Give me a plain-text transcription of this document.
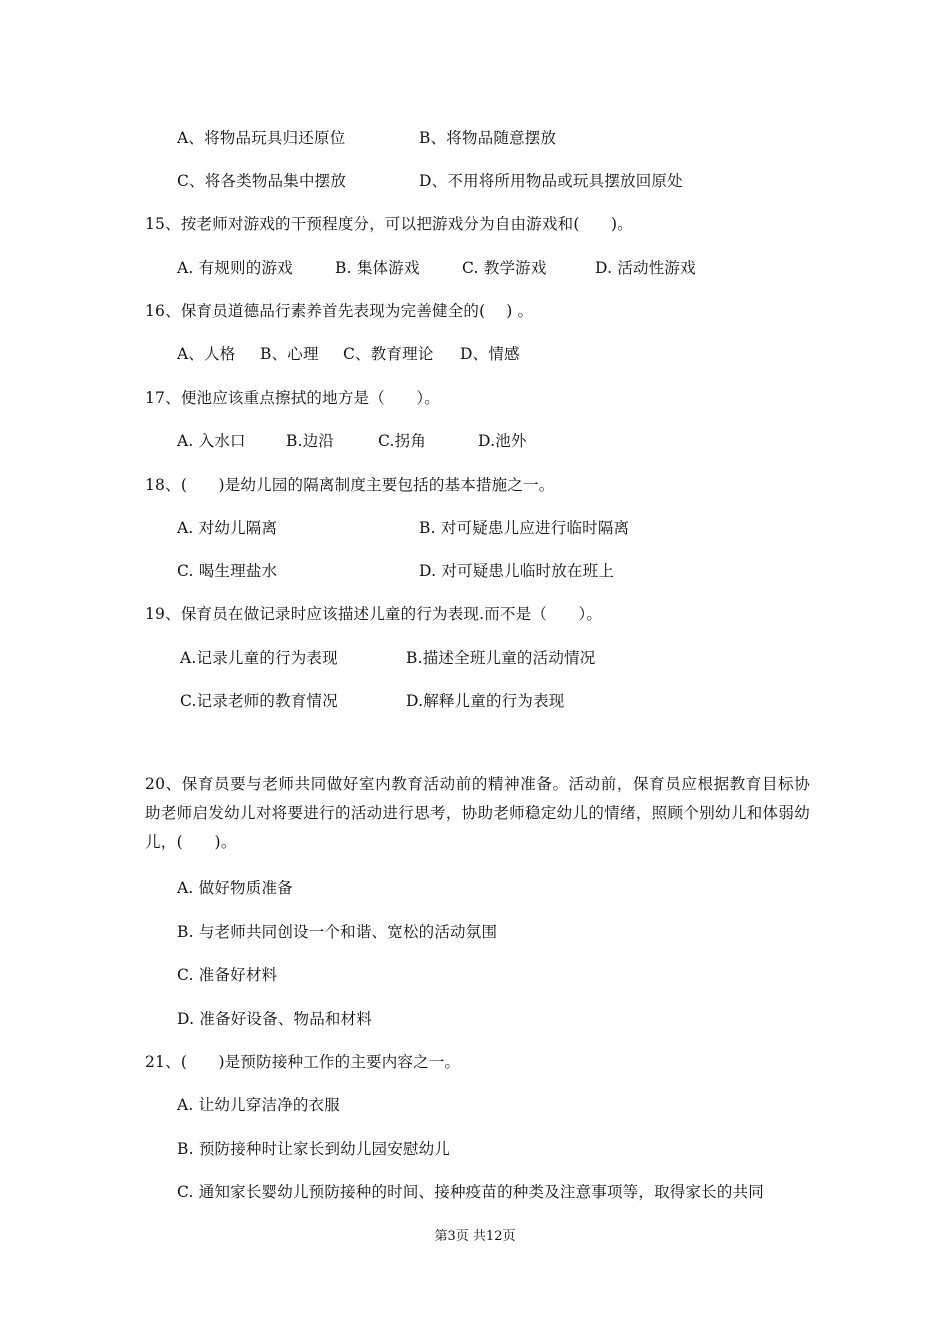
A、将物品玩具归还原位	B、将物品随意摆放
C、将各类物品集中摆放	D、不用将所用物品或玩具摆放回原处
15、按老师对游戏的干预程度分，可以把游戏分为自由游戏和(　　)。
A. 有规则的游戏	B. 集体游戏	C. 教学游戏	D. 活动性游戏
16、保育员道德品行素养首先表现为完善健全的(　 ) 。
A、人格 B、心理 C、教育理论 D、情感
17、便池应该重点擦拭的地方是（　　）。
A. 入水口	B.边沿	C.拐角	D.池外
18、(　　)是幼儿园的隔离制度主要包括的基本措施之一。
A. 对幼儿隔离	B. 对可疑患儿应进行临时隔离
C. 喝生理盐水	D. 对可疑患儿临时放在班上
19、保育员在做记录时应该描述儿童的行为表现.而不是（　　）。
A.记录儿童的行为表现	B.描述全班儿童的活动情况
C.记录老师的教育情况	D.解释儿童的行为表现
20、保育员要与老师共同做好室内教育活动前的精神准备。活动前，保育员应根据教育目标协助老师启发幼儿对将要进行的活动进行思考，协助老师稳定幼儿的情绪，照顾个别幼儿和体弱幼儿，(　　)。
A. 做好物质准备
B. 与老师共同创设一个和谐、宽松的活动氛围
C. 准备好材料
D. 准备好设备、物品和材料
21、(　　)是预防接种工作的主要内容之一。
A. 让幼儿穿洁净的衣服
B. 预防接种时让家长到幼儿园安慰幼儿
C. 通知家长婴幼儿预防接种的时间、接种疫苗的种类及注意事项等，取得家长的共同
第3页 共12页
